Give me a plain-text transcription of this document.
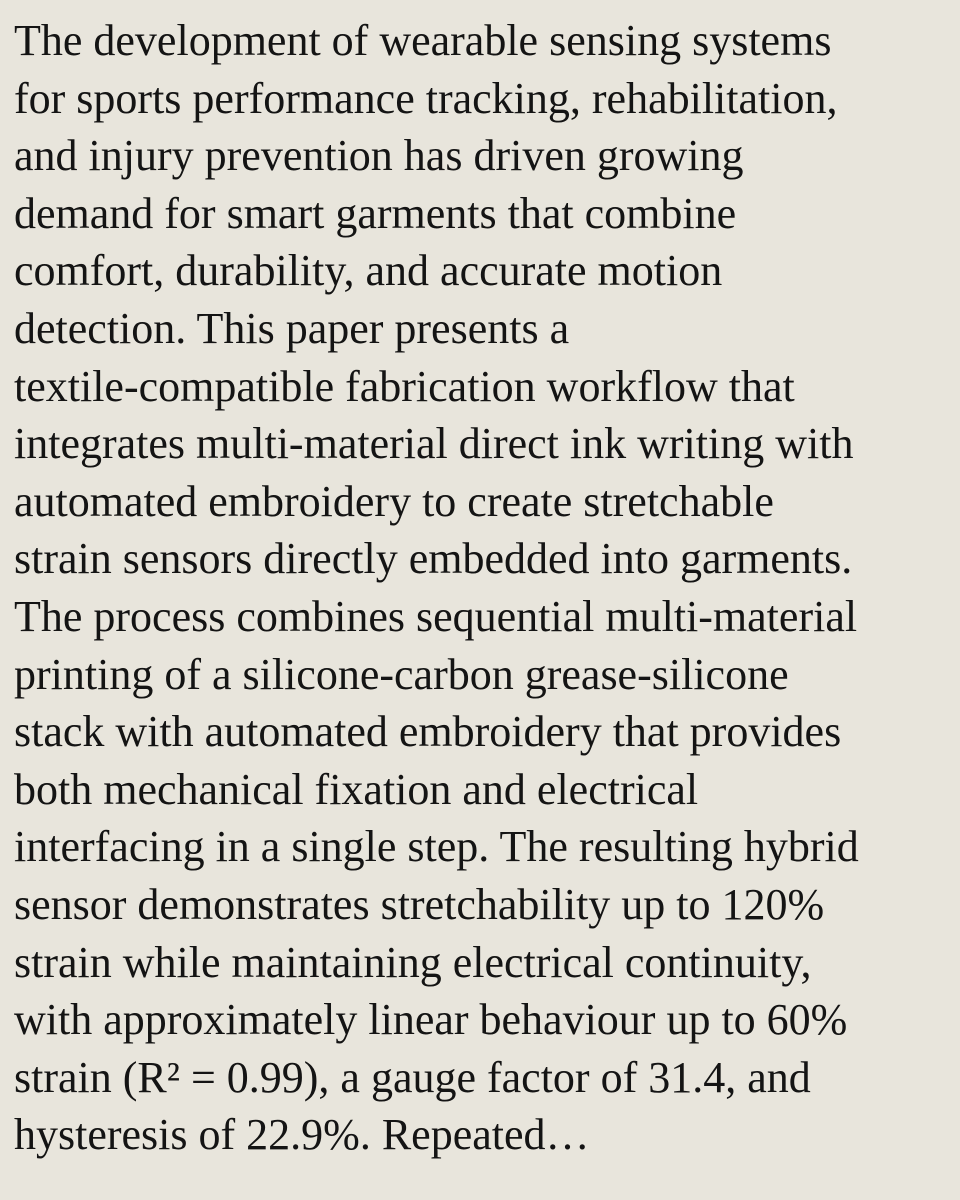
The development of wearable sensing systems
for sports performance tracking, rehabilitation,
and injury prevention has driven growing
demand for smart garments that combine
comfort, durability, and accurate motion
detection. This paper presents a
textile-compatible fabrication workflow that
integrates multi-material direct ink writing with
automated embroidery to create stretchable
strain sensors directly embedded into garments.
The process combines sequential multi-material
printing of a silicone-carbon grease-silicone
stack with automated embroidery that provides
both mechanical fixation and electrical
interfacing in a single step. The resulting hybrid
sensor demonstrates stretchability up to 120%
strain while maintaining electrical continuity,
with approximately linear behaviour up to 60%
strain (R² = 0.99), a gauge factor of 31.4, and
hysteresis of 22.9%. Repeated…
